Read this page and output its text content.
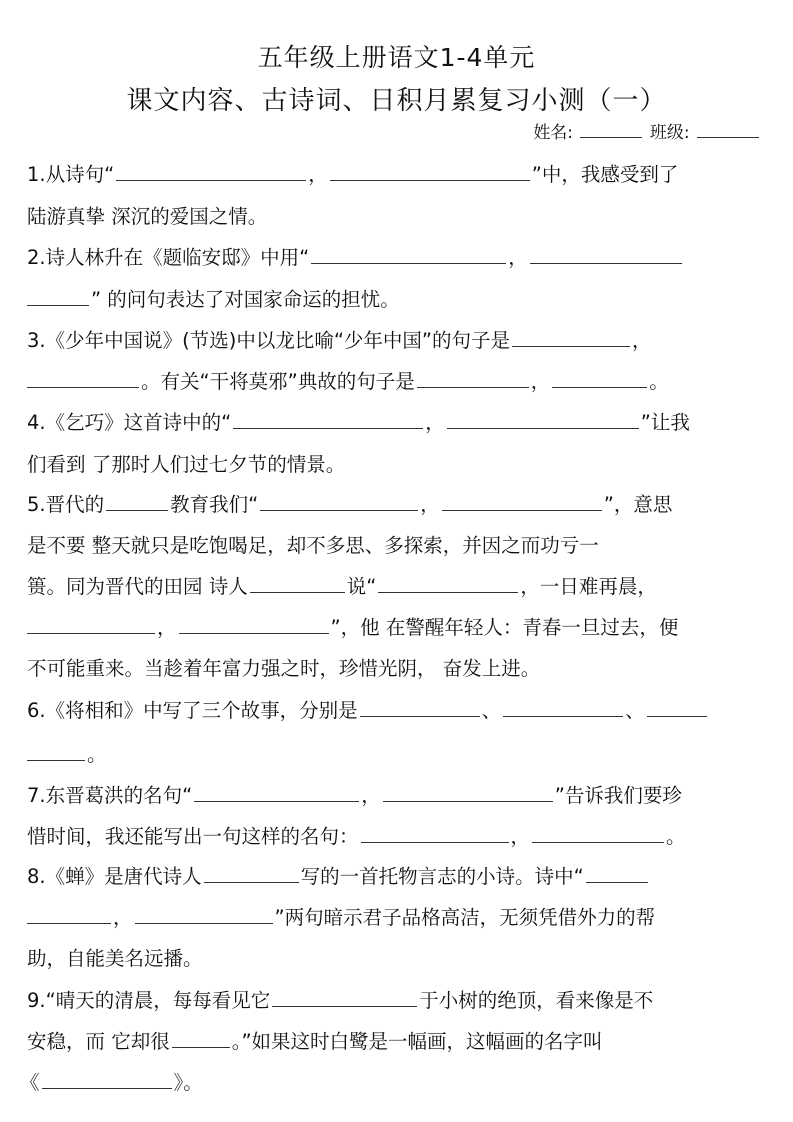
五年级上册语文1-4单元
课文内容、古诗词、日积月累复习小测（一）
姓名:	班级:
1.从诗句“	，	”中，我感受到了
陆游真挚 深沉的爱国之情。
2.诗人林升在《题临安邸》中用“	，
” 的问句表达了对国家命运的担忧。
3.《少年中国说》(节选)中以龙比喻“少年中国”的句子是	，
。有关“干将莫邪”典故的句子是	，	。
4.《乞巧》这首诗中的“	，	”让我
们看到 了那时人们过七夕节的情景。
5.晋代的	教育我们“	，	”，意思
是不要 整天就只是吃饱喝足，却不多思、多探索，并因之而功亏一
篑。同为晋代的田园 诗人	说“	，一日难再晨，
，	”，他 在警醒年轻人：青春一旦过去，便
不可能重来。当趁着年富力强之时，珍惜光阴， 奋发上进。
6.《将相和》中写了三个故事，分别是	、	、
。
7.东晋葛洪的名句“	，	”告诉我们要珍
惜时间，我还能写出一句这样的名句：	，	。
8.《蝉》是唐代诗人	写的一首托物言志的小诗。诗中“
，	”两句暗示君子品格高洁，无须凭借外力的帮
助，自能美名远播。
9.“晴天的清晨，每每看见它	于小树的绝顶，看来像是不
安稳，而 它却很	。”如果这时白鹭是一幅画，这幅画的名字叫
《	》。
